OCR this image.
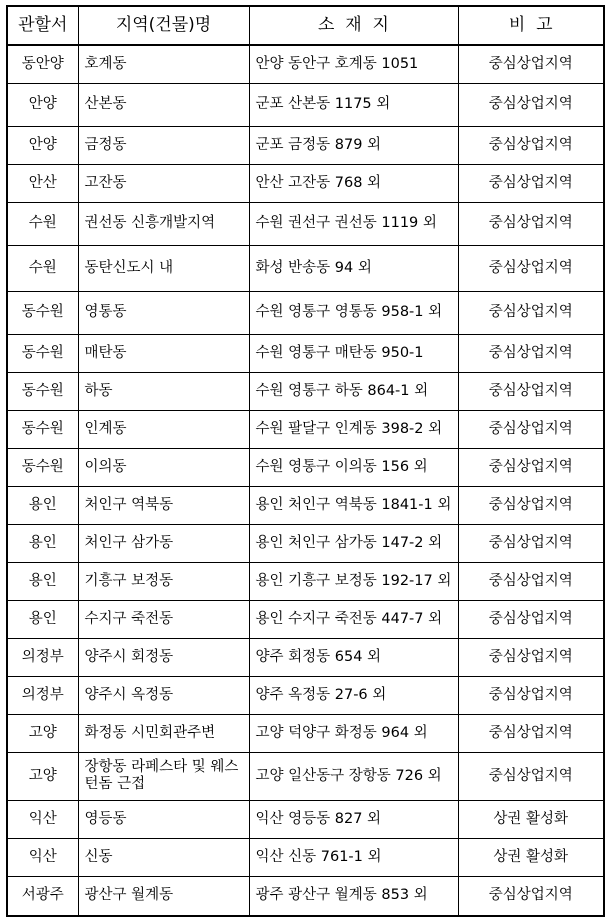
관할서	지역(건물)명	소  재  지	비  고
동안양	호계동	안양 동안구 호계동 1051	중심상업지역
안양	산본동	군포 산본동 1175 외	중심상업지역
안양	금정동	군포 금정동 879 외	중심상업지역
안산	고잔동	안산 고잔동 768 외	중심상업지역
수원	권선동 신흥개발지역	수원 권선구 권선동 1119 외	중심상업지역
수원	동탄신도시 내	화성 반송동 94 외	중심상업지역
동수원	영통동	수원 영통구 영통동 958-1 외	중심상업지역
동수원	매탄동	수원 영통구 매탄동 950-1	중심상업지역
동수원	하동	수원 영통구 하동 864-1 외	중심상업지역
동수원	인계동	수원 팔달구 인계동 398-2 외	중심상업지역
동수원	이의동	수원 영통구 이의동 156 외	중심상업지역
용인	처인구 역북동	용인 처인구 역북동 1841-1 외	중심상업지역
용인	처인구 삼가동	용인 처인구 삼가동 147-2 외	중심상업지역
용인	기흥구 보정동	용인 기흥구 보정동 192-17 외	중심상업지역
용인	수지구 죽전동	용인 수지구 죽전동 447-7 외	중심상업지역
의정부	양주시 회정동	양주 회정동 654 외	중심상업지역
의정부	양주시 옥정동	양주 옥정동 27-6 외	중심상업지역
고양	화정동 시민회관주변	고양 덕양구 화정동 964 외	중심상업지역
고양	장항동 라페스타 및 웨스턴돔 근접	고양 일산동구 장항동 726 외	중심상업지역
익산	영등동	익산 영등동 827 외	상권 활성화
익산	신동	익산 신동 761-1 외	상권 활성화
서광주	광산구 월계동	광주 광산구 월계동 853 외	중심상업지역
